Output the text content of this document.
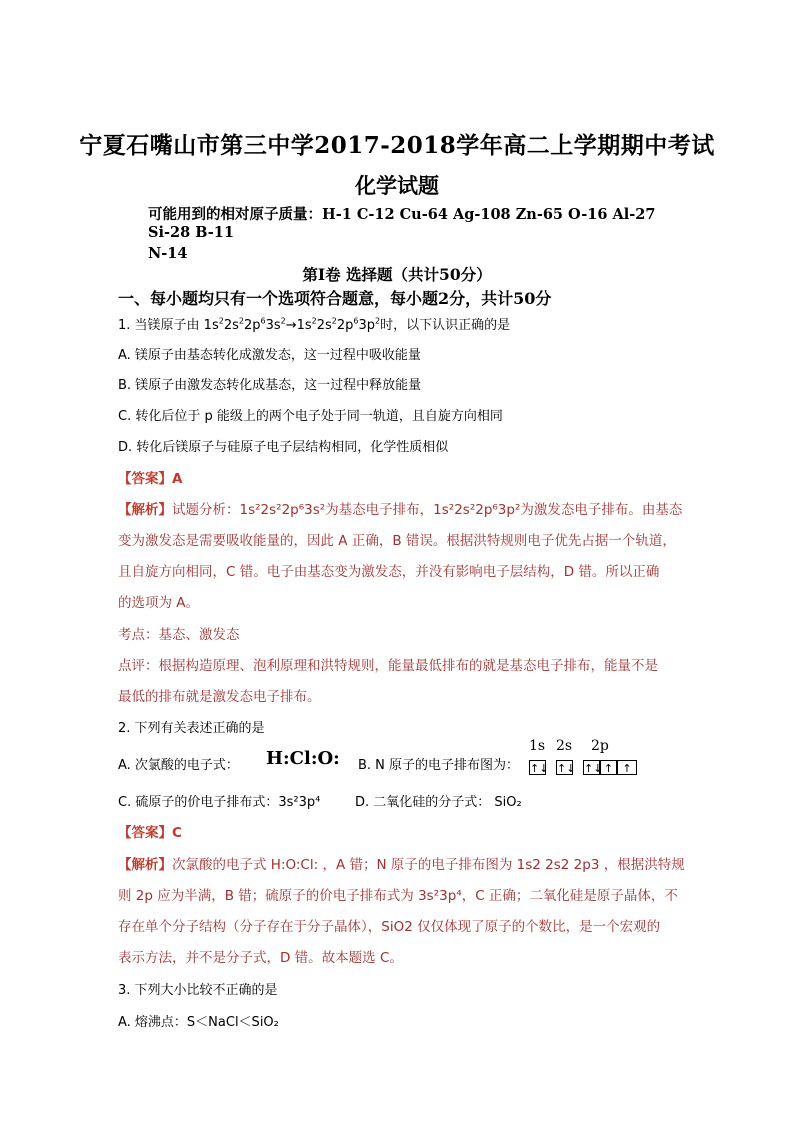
宁夏石嘴山市第三中学2017-2018学年高二上学期期中考试
化学试题
可能用到的相对原子质量：H-1 C-12 Cu-64 Ag-108 Zn-65 O-16 Al-27
Si-28 B-11
N-14
第Ⅰ卷 选择题（共计50分）
一、每小题均只有一个选项符合题意，每小题2分，共计50分
1. 当镁原子由 $1s^22s^22p^63s^2\to 1s^22s^22p^63p^2$时，以下认识正确的是
A. 镁原子由基态转化成激发态，这一过程中吸收能量
B. 镁原子由激发态转化成基态，这一过程中释放能量
C. 转化后位于 p 能级上的两个电子处于同一轨道，且自旋方向相同
D. 转化后镁原子与硅原子电子层结构相同，化学性质相似
【答案】A
【解析】试题分析：1s²2s²2p⁶3s²为基态电子排布，1s²2s²2p⁶3p²为激发态电子排布。由基态
变为激发态是需要吸收能量的，因此 A 正确，B 错误。根据洪特规则电子优先占据一个轨道，
且自旋方向相同，C 错。电子由基态变为激发态，并没有影响电子层结构，D 错。所以正确
的选项为 A。
考点：基态、激发态
点评：根据构造原理、泡利原理和洪特规则，能量最低排布的就是基态电子排布，能量不是
最低的排布就是激发态电子排布。
2. 下列有关表述正确的是
A. 次氯酸的电子式： H:Cl:O: B. N 原子的电子排布图为：
1s 2s 2p
↑↓ ↑↓ ↑↓ ↑ ↑
C. 硫原子的价电子排布式：3s²3p⁴	D. 二氧化硅的分子式： SiO₂
【答案】C
【解析】次氯酸的电子式 H:O:Cl: ，A 错；N 原子的电子排布图为 1s2 2s2 2p3 ，根据洪特规
则 2p 应为半满，B 错；硫原子的价电子排布式为 3s²3p⁴，C 正确；二氧化硅是原子晶体，不
存在单个分子结构（分子存在于分子晶体），SiO2 仅仅体现了原子的个数比，是一个宏观的
表示方法，并不是分子式，D 错。故本题选 C。
3. 下列大小比较不正确的是
A. 熔沸点：S＜NaCl＜SiO₂
